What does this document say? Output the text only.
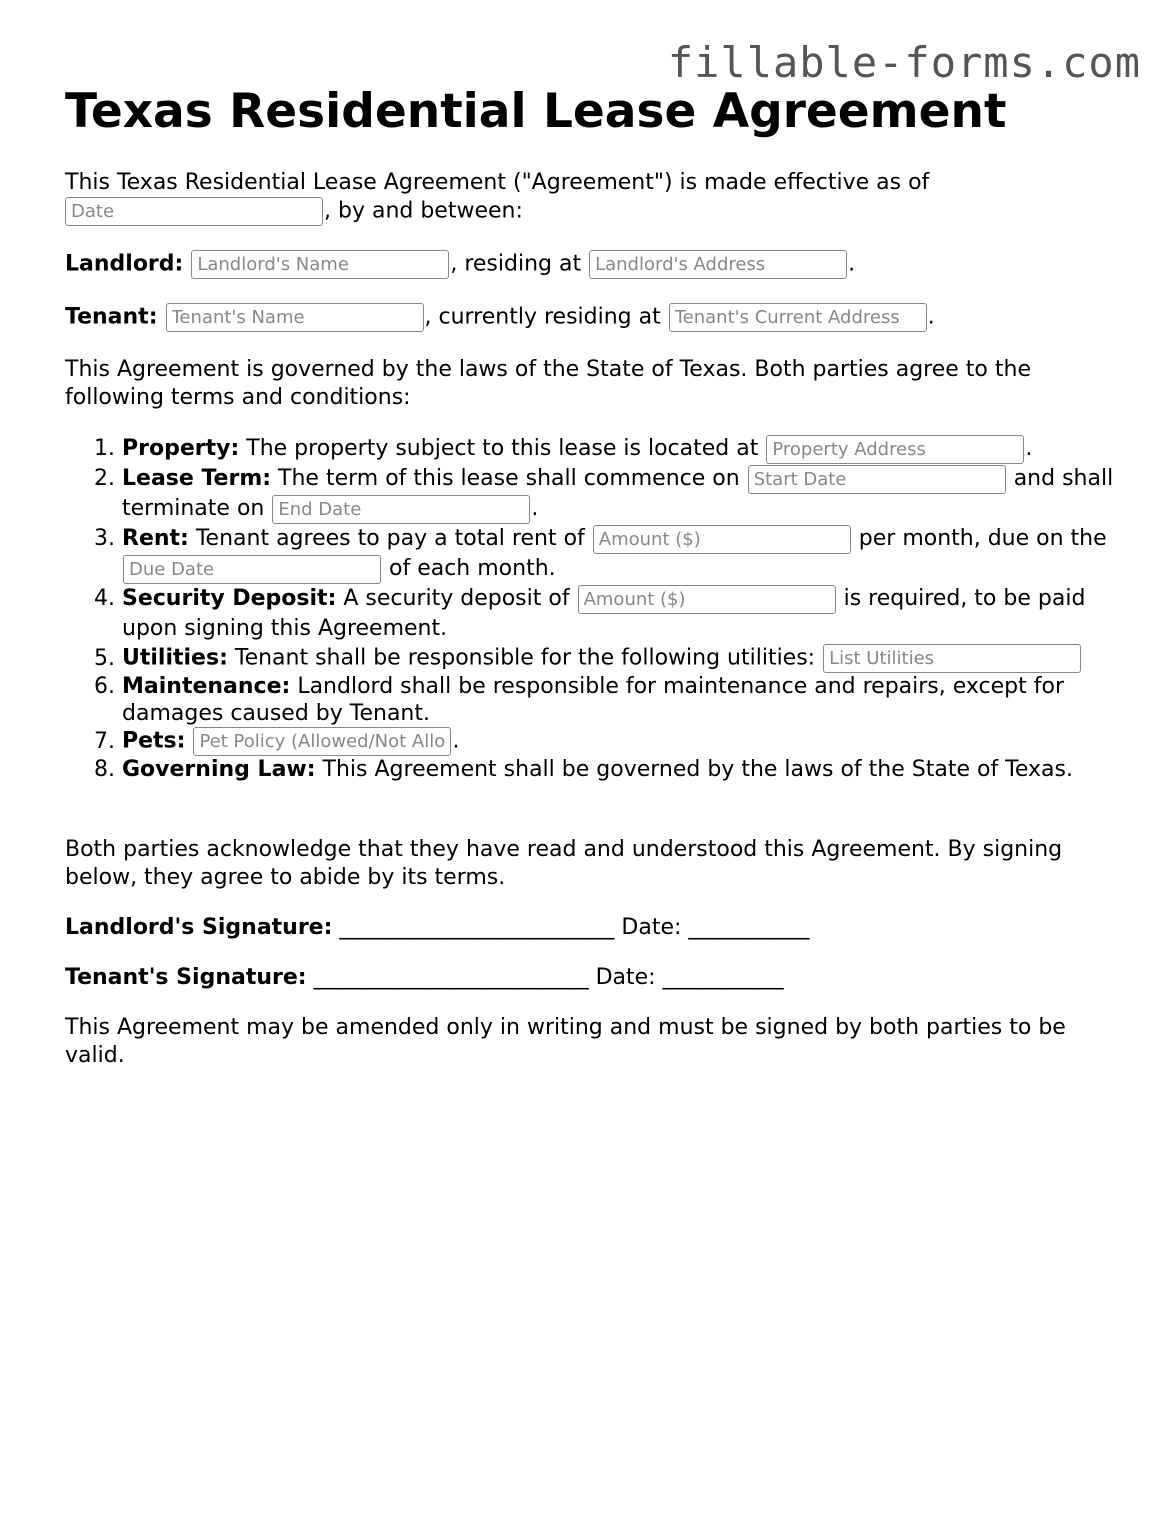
fillable-forms.com
Texas Residential Lease Agreement

This Texas Residential Lease Agreement ("Agreement") is made effective as of
Date, by and between:

Landlord: Landlord's Name	, residing at Landlord's Address	.

Tenant: Tenant's Name	, currently residing at Tenant's Current Address	.

This Agreement is governed by the laws of the State of Texas. Both parties agree to the following terms and conditions:

1. Property: The property subject to this lease is located at Property Address	.
2. Lease Term: The term of this lease shall commence on Start Date	and shall terminate on End Date	.
3. Rent: Tenant agrees to pay a total rent of Amount ($)	per month, due on the Due Date of each month.
4. Security Deposit: A security deposit of Amount ($)	is required, to be paid upon signing this Agreement.
5. Utilities: Tenant shall be responsible for the following utilities: List Utilities
6. Maintenance: Landlord shall be responsible for maintenance and repairs, except for damages caused by Tenant.
7. Pets: Pet Policy (Allowed/Not Allowed)	.
8. Governing Law: This Agreement shall be governed by the laws of the State of Texas.

Both parties acknowledge that they have read and understood this Agreement. By signing below, they agree to abide by its terms.

Landlord's Signature: _________________________ Date: ___________

Tenant's Signature: _________________________ Date: ___________

This Agreement may be amended only in writing and must be signed by both parties to be valid.
